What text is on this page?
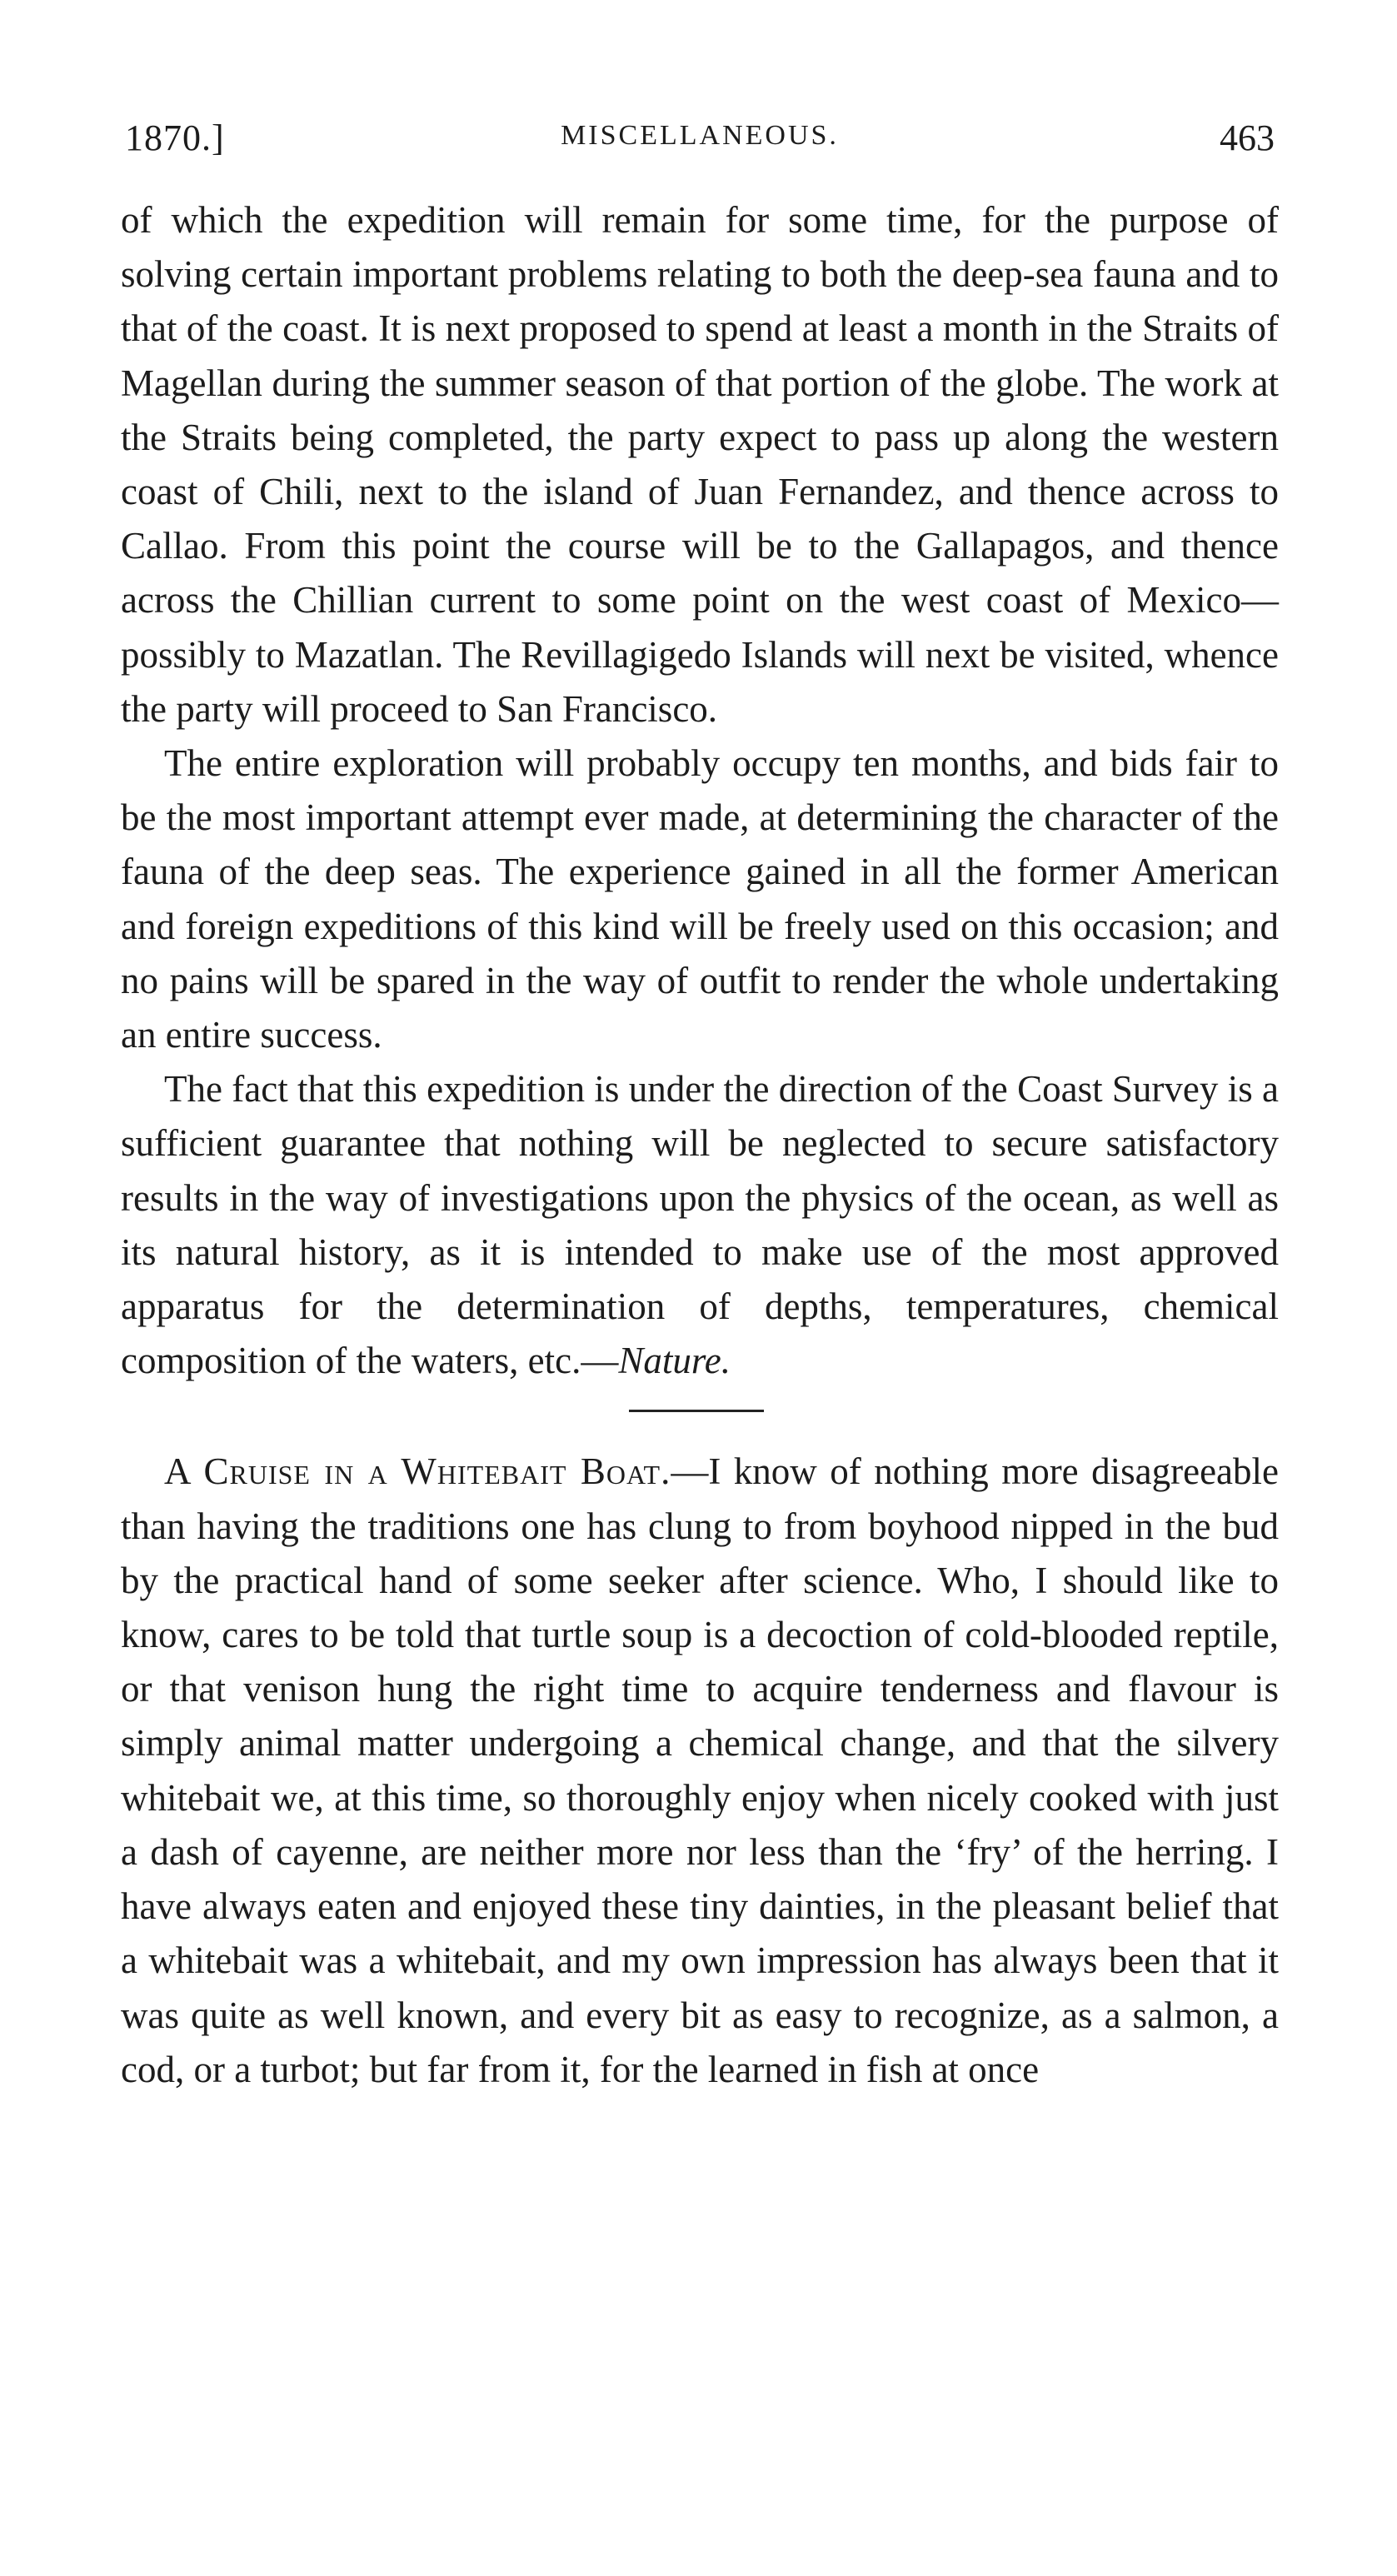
1870.]	MISCELLANEOUS.	463

of which the expedition will remain for some time, for the purpose of solving certain important problems relating to both the deep-sea fauna and to that of the coast. It is next proposed to spend at least a month in the Straits of Magellan during the summer season of that portion of the globe. The work at the Straits being completed, the party expect to pass up along the western coast of Chili, next to the island of Juan Fernandez, and thence across to Callao. From this point the course will be to the Gallapagos, and thence across the Chillian current to some point on the west coast of Mexico—possibly to Mazatlan. The Revillagigedo Islands will next be visited, whence the party will proceed to San Francisco.

The entire exploration will probably occupy ten months, and bids fair to be the most important attempt ever made, at determining the character of the fauna of the deep seas. The experience gained in all the former American and foreign expeditions of this kind will be freely used on this occasion; and no pains will be spared in the way of outfit to render the whole undertaking an entire success.

The fact that this expedition is under the direction of the Coast Survey is a sufficient guarantee that nothing will be neglected to secure satisfactory results in the way of investigations upon the physics of the ocean, as well as its natural history, as it is intended to make use of the most approved apparatus for the determination of depths, temperatures, chemical composition of the waters, etc.—Nature.

A Cruise in a Whitebait Boat.—I know of nothing more disagreeable than having the traditions one has clung to from boyhood nipped in the bud by the practical hand of some seeker after science. Who, I should like to know, cares to be told that turtle soup is a decoction of cold-blooded reptile, or that venison hung the right time to acquire tenderness and flavour is simply animal matter undergoing a chemical change, and that the silvery whitebait we, at this time, so thoroughly enjoy when nicely cooked with just a dash of cayenne, are neither more nor less than the ‘fry’ of the herring. I have always eaten and enjoyed these tiny dainties, in the pleasant belief that a whitebait was a whitebait, and my own impression has always been that it was quite as well known, and every bit as easy to recognize, as a salmon, a cod, or a turbot; but far from it, for the learned in fish at once
